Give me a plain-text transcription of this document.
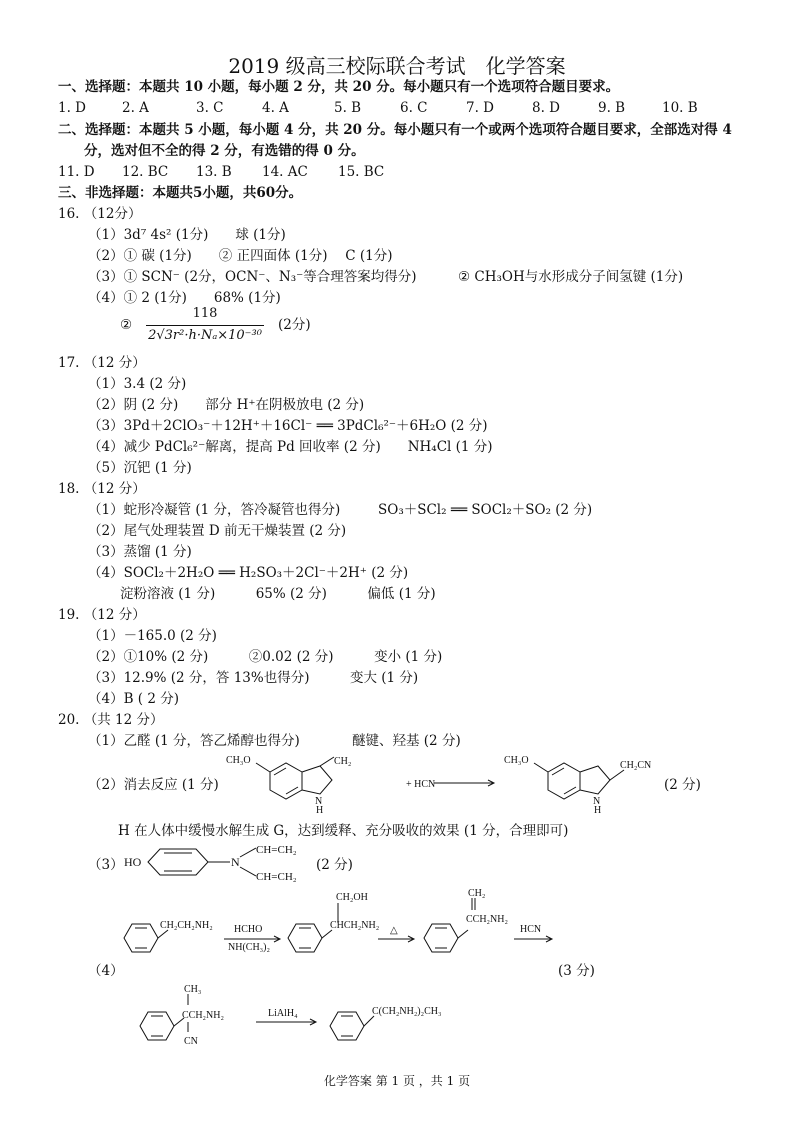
2019 级高三校际联合考试　化学答案
一、选择题：本题共 10 小题，每小题 2 分，共 20 分。每小题只有一个选项符合题目要求。
1. D	2. A	3. C	4. A	5. B	6. C	7. D	8. D	9. B	10. B
二、选择题：本题共 5 小题，每小题 4 分，共 20 分。每小题只有一个或两个选项符合题目要求，全部选对得 4
分，选对但不全的得 2 分，有选错的得 0 分。
11. D 12. BC 13. B 14. AC 15. BC
三、非选择题：本题共5小题，共60分。
16. （12分）
（1）3d⁷ 4s² (1分)　　球 (1分)
（2）① 碳 (1分)　　② 正四面体 (1分)　 C (1分)
（3）① SCN⁻ (2分，OCN⁻、N₃⁻等合理答案均得分)	② CH₃OH与水形成分子间氢键 (1分)
（4）① 2 (1分)　　68% (1分)
②
118
2√3r²·h·Nₐ×10⁻³⁰
(2分)
17. （12 分）
（1）3.4 (2 分)
（2）阴 (2 分)　　部分 H⁺在阴极放电 (2 分)
（3）3Pd＋2ClO₃⁻＋12H⁺＋16Cl⁻ ══ 3PdCl₆²⁻＋6H₂O (2 分)
（4）减少 PdCl₆²⁻解离，提高 Pd 回收率 (2 分)　　NH₄Cl (1 分)
（5）沉钯 (1 分)
18. （12 分）
（1）蛇形冷凝管 (1 分，答冷凝管也得分)	SO₃＋SCl₂ ══ SOCl₂＋SO₂ (2 分)
（2）尾气处理装置 D 前无干燥装置 (2 分)
（3）蒸馏 (1 分)
（4）SOCl₂＋2H₂O ══ H₂SO₃＋2Cl⁻＋2H⁺ (2 分)
淀粉溶液 (1 分)　　　65% (2 分)　　　偏低 (1 分)
19. （12 分）
（1）－165.0 (2 分)
（2）①10% (2 分)　　　②0.02 (2 分)　　　变小 (1 分)
（3）12.9% (2 分，答 13%也得分)　　　变大 (1 分)
（4）B ( 2 分)
20. （共 12 分）
（1）乙醛 (1 分，答乙烯醇也得分)	醚键、羟基 (2 分)
（2）消去反应 (1 分)	(2 分)
H 在人体中缓慢水解生成 G，达到缓释、充分吸收的效果 (1 分，合理即可)
（3）	(2 分)
（4）	(3 分)
CH₃O	CH₂
N
H
+ HCN
CH₃O
N
H
CH₂CN
HO	N
CH=CH₂
CH=CH₂
CH₂CH₂NH₂ HCHO
NH(CH₃)₂
CH₂OH
CHCH₂NH₂ △
CH₂
CCH₂NH₂
HCN
CH₃
CCH₂NH₂
CN
LiAlH₄	C(CH₂NH₂)₂CH₃
化学答案 第 1 页 ，共 1 页
